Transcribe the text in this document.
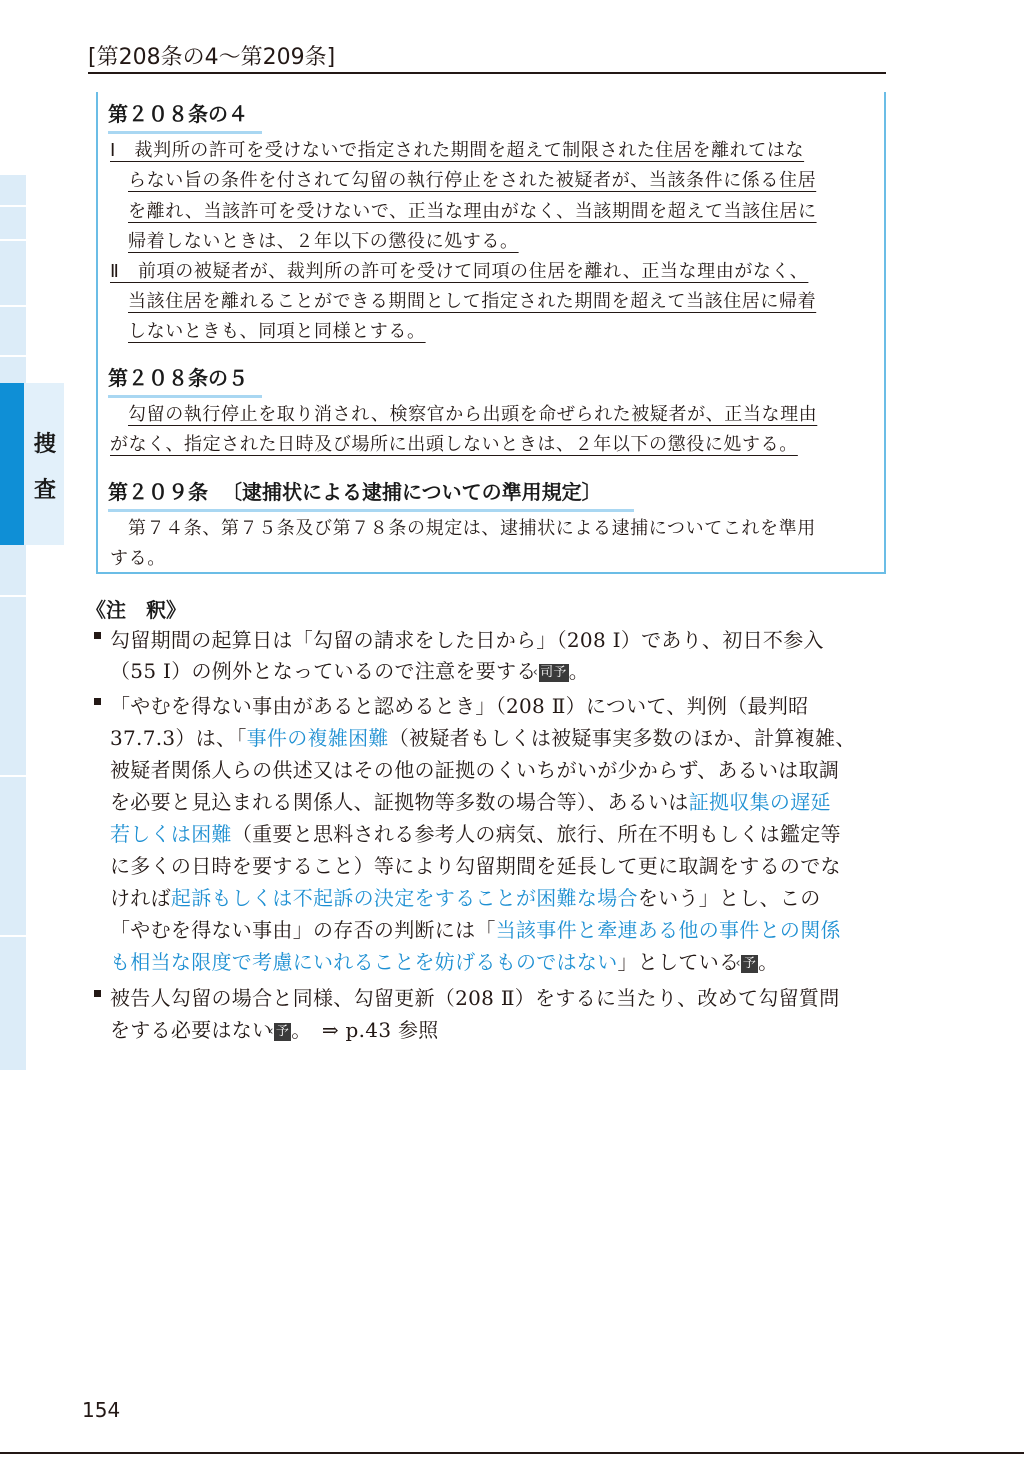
捜
査
[第208条の4〜第209条]
第２０８条の４
Ⅰ　裁判所の許可を受けないで指定された期間を超えて制限された住居を離れてはな
らない旨の条件を付されて勾留の執行停止をされた被疑者が、当該条件に係る住居
を離れ、当該許可を受けないで、正当な理由がなく、当該期間を超えて当該住居に
帰着しないときは、２年以下の懲役に処する。
Ⅱ　前項の被疑者が、裁判所の許可を受けて同項の住居を離れ、正当な理由がなく、
当該住居を離れることができる期間として指定された期間を超えて当該住居に帰着
しないときも、同項と同様とする。
第２０８条の５
勾留の執行停止を取り消され、検察官から出頭を命ぜられた被疑者が、正当な理由
がなく、指定された日時及び場所に出頭しないときは、２年以下の懲役に処する。
第２０９条 〔逮捕状による逮捕についての準用規定〕
第７４条、第７５条及び第７８条の規定は、逮捕状による逮捕についてこれを準用
する。
《注　釈》
勾留期間の起算日は「勾留の請求をした日から」（208 Ⅰ）であり、初日不参入
（55 Ⅰ）の例外となっているので注意を要する ‹ 司予 。
「やむを得ない事由があると認めるとき」（208 Ⅱ）について、判例（最判昭
37.7.3）は、「事件の複雑困難（被疑者もしくは被疑事実多数のほか、計算複雑、
被疑者関係人らの供述又はその他の証拠のくいちがいが少からず、あるいは取調
を必要と見込まれる関係人、証拠物等多数の場合等）、あるいは証拠収集の遅延
若しくは困難（重要と思料される参考人の病気、旅行、所在不明もしくは鑑定等
に多くの日時を要すること）等により勾留期間を延長して更に取調をするのでな
ければ起訴もしくは不起訴の決定をすることが困難な場合をいう」とし、この
「やむを得ない事由」の存否の判断には「当該事件と牽連ある他の事件との関係
も相当な限度で考慮にいれることを妨げるものではない」としている ‹ 予 。
被告人勾留の場合と同様、勾留更新（208 Ⅱ）をするに当たり、改めて勾留質問
をする必要はない ‹ 予 。　⇒ p.43 参照
154
